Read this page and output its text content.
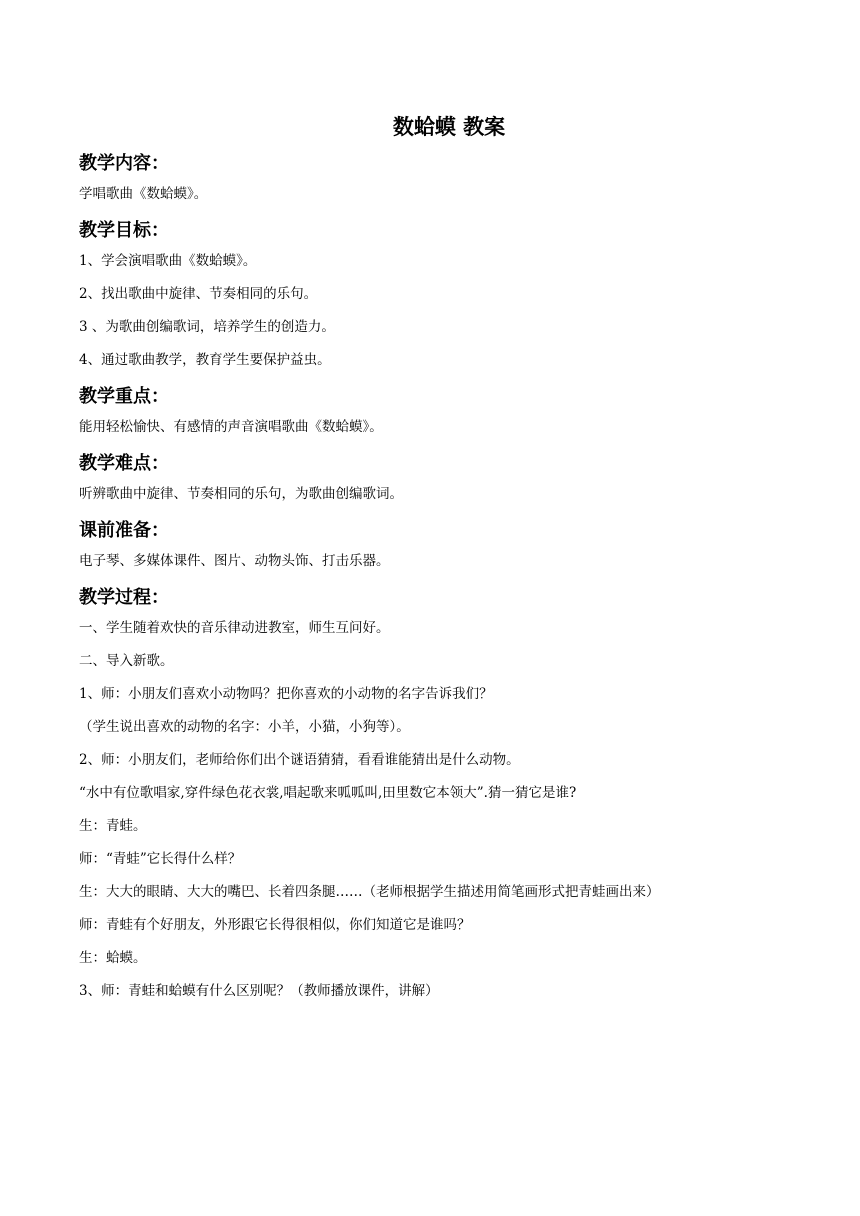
数蛤蟆 教案
教学内容：
学唱歌曲《数蛤蟆》。
教学目标：
1、学会演唱歌曲《数蛤蟆》。
2、找出歌曲中旋律、节奏相同的乐句。
3 、为歌曲创编歌词，培养学生的创造力。
4、通过歌曲教学，教育学生要保护益虫。
教学重点：
能用轻松愉快、有感情的声音演唱歌曲《数蛤蟆》。
教学难点：
听辨歌曲中旋律、节奏相同的乐句，为歌曲创编歌词。
课前准备：
电子琴、多媒体课件、图片、动物头饰、打击乐器。
教学过程：
一、学生随着欢快的音乐律动进教室，师生互问好。
二、导入新歌。
1、师：小朋友们喜欢小动物吗？把你喜欢的小动物的名字告诉我们？
（学生说出喜欢的动物的名字：小羊，小猫，小狗等）。
2、师：小朋友们，老师给你们出个谜语猜猜，看看谁能猜出是什么动物。
“水中有位歌唱家,穿件绿色花衣裳,唱起歌来呱呱叫,田里数它本领大”.猜一猜它是谁?
生：青蛙。
师：“青蛙”它长得什么样？
生：大大的眼睛、大大的嘴巴、长着四条腿……（老师根据学生描述用简笔画形式把青蛙画出来）
师：青蛙有个好朋友，外形跟它长得很相似，你们知道它是谁吗？
生：蛤蟆。
3、师：青蛙和蛤蟆有什么区别呢？（教师播放课件，讲解）
